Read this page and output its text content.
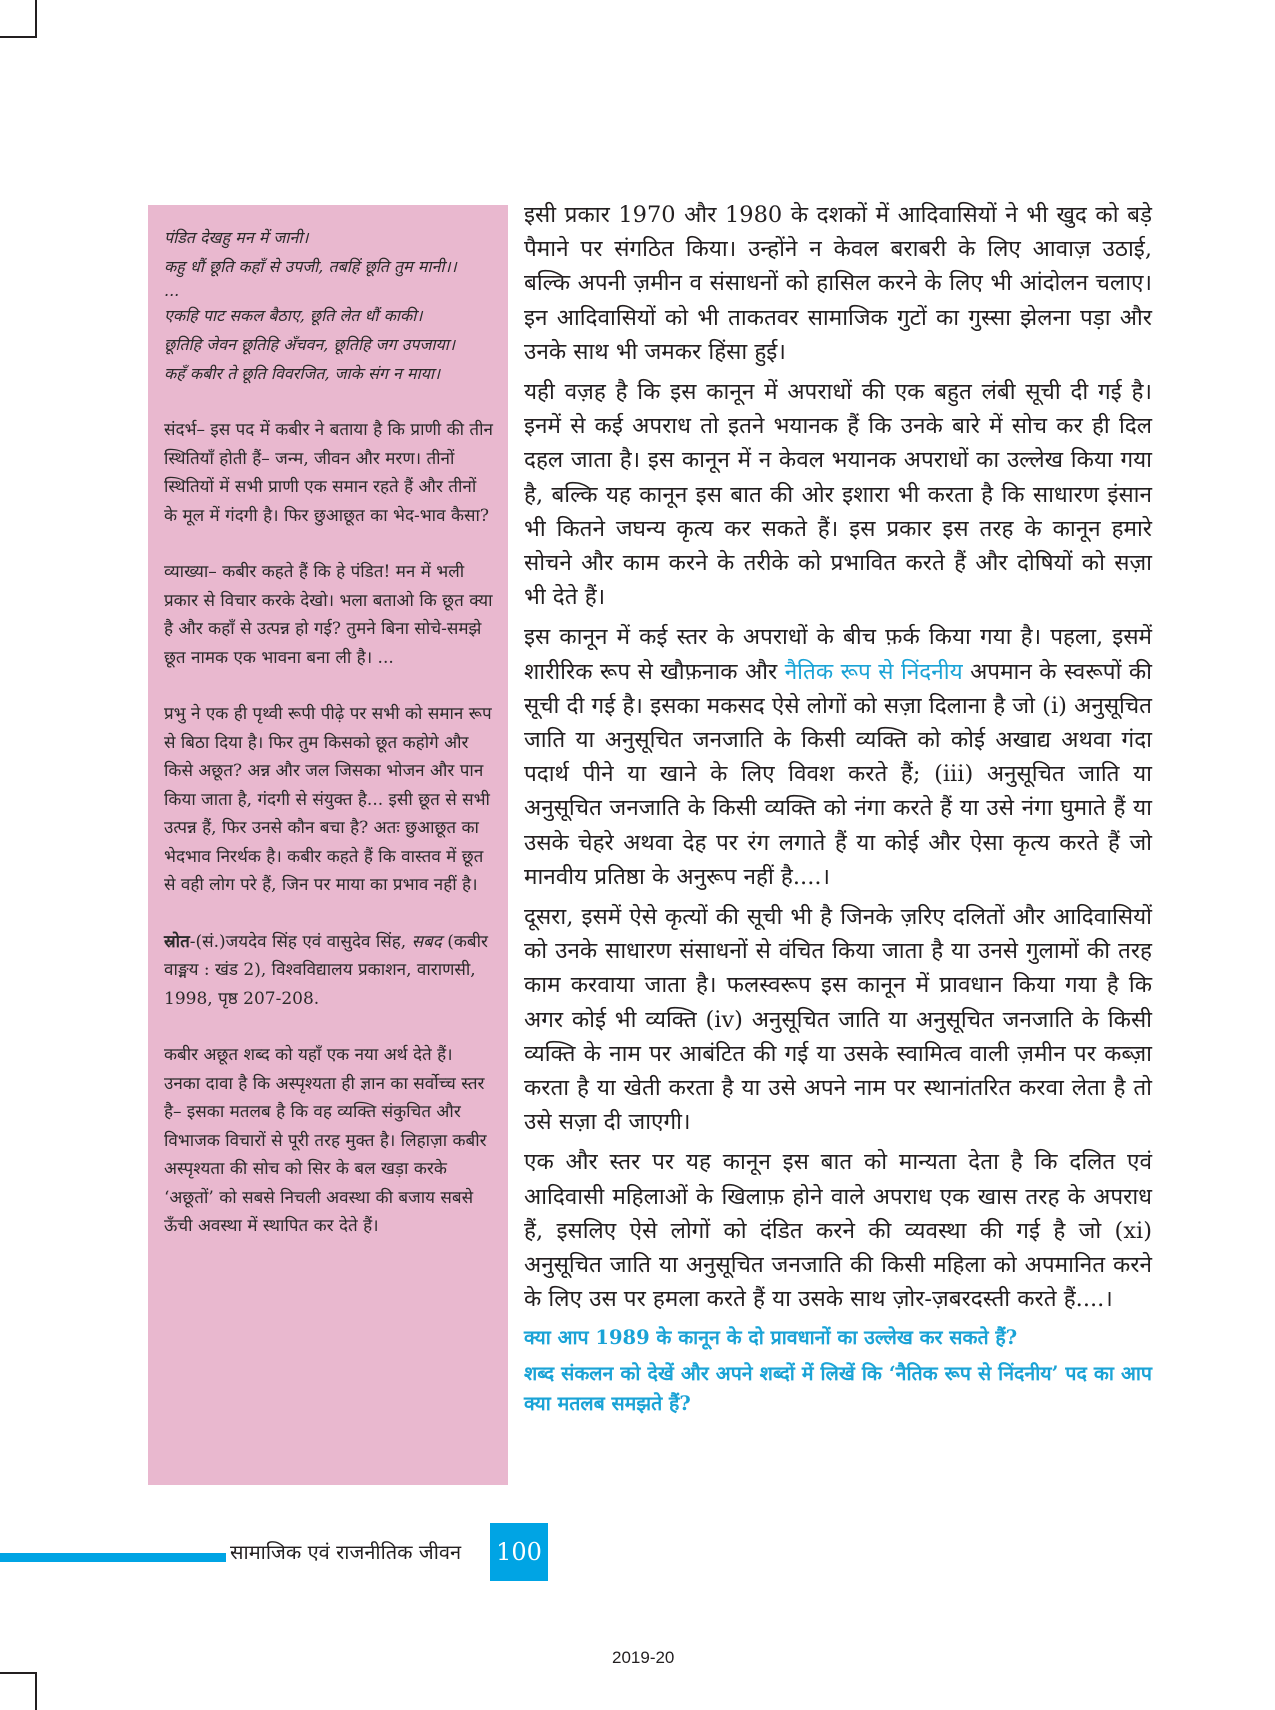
पंडित देखहु मन में जानी।

कहु धौं छूति कहाँ से उपजी, तबहिं छूति तुम मानी।।

...

एकहि पाट सकल बैठाए, छूति लेत धौं काकी।

छूतिहि जेवन छूतिहि अँचवन, छूतिहि जग उपजाया।

कहँ कबीर ते छूति विवरजित, जाके संग न माया।

संदर्भ– इस पद में कबीर ने बताया है कि प्राणी की तीन स्थितियाँ होती हैं– जन्म, जीवन और मरण। तीनों स्थितियों में सभी प्राणी एक समान रहते हैं और तीनों के मूल में गंदगी है। फिर छुआछूत का भेद-भाव कैसा?

व्याख्या– कबीर कहते हैं कि हे पंडित! मन में भली प्रकार से विचार करके देखो। भला बताओ कि छूत क्या है और कहाँ से उत्पन्न हो गई? तुमने बिना सोचे-समझे छूत नामक एक भावना बना ली है। ...

प्रभु ने एक ही पृथ्वी रूपी पीढ़े पर सभी को समान रूप से बिठा दिया है। फिर तुम किसको छूत कहोगे और किसे अछूत? अन्न और जल जिसका भोजन और पान किया जाता है, गंदगी से संयुक्त है... इसी छूत से सभी उत्पन्न हैं, फिर उनसे कौन बचा है? अतः छुआछूत का भेदभाव निरर्थक है। कबीर कहते हैं कि वास्तव में छूत से वही लोग परे हैं, जिन पर माया का प्रभाव नहीं है।

स्रोत-(सं.)जयदेव सिंह एवं वासुदेव सिंह, सबद (कबीर वाङ्मय : खंड 2), विश्वविद्यालय प्रकाशन, वाराणसी, 1998, पृष्ठ 207-208.

कबीर अछूत शब्द को यहाँ एक नया अर्थ देते हैं। उनका दावा है कि अस्पृश्यता ही ज्ञान का सर्वोच्च स्तर है– इसका मतलब है कि वह व्यक्ति संकुचित और विभाजक विचारों से पूरी तरह मुक्त है। लिहाज़ा कबीर अस्पृश्यता की सोच को सिर के बल खड़ा करके ‘अछूतों’ को सबसे निचली अवस्था की बजाय सबसे ऊँची अवस्था में स्थापित कर देते हैं।

इसी प्रकार 1970 और 1980 के दशकों में आदिवासियों ने भी खुद को बड़े पैमाने पर संगठित किया। उन्होंने न केवल बराबरी के लिए आवाज़ उठाई, बल्कि अपनी ज़मीन व संसाधनों को हासिल करने के लिए भी आंदोलन चलाए। इन आदिवासियों को भी ताकतवर सामाजिक गुटों का गुस्सा झेलना पड़ा और उनके साथ भी जमकर हिंसा हुई।

यही वज़ह है कि इस कानून में अपराधों की एक बहुत लंबी सूची दी गई है। इनमें से कई अपराध तो इतने भयानक हैं कि उनके बारे में सोच कर ही दिल दहल जाता है। इस कानून में न केवल भयानक अपराधों का उल्लेख किया गया है, बल्कि यह कानून इस बात की ओर इशारा भी करता है कि साधारण इंसान भी कितने जघन्य कृत्य कर सकते हैं। इस प्रकार इस तरह के कानून हमारे सोचने और काम करने के तरीके को प्रभावित करते हैं और दोषियों को सज़ा भी देते हैं।

इस कानून में कई स्तर के अपराधों के बीच फ़र्क किया गया है। पहला, इसमें शारीरिक रूप से खौफ़नाक और नैतिक रूप से निंदनीय अपमान के स्वरूपों की सूची दी गई है। इसका मकसद ऐसे लोगों को सज़ा दिलाना है जो (i) अनुसूचित जाति या अनुसूचित जनजाति के किसी व्यक्ति को कोई अखाद्य अथवा गंदा पदार्थ पीने या खाने के लिए विवश करते हैं; (iii) अनुसूचित जाति या अनुसूचित जनजाति के किसी व्यक्ति को नंगा करते हैं या उसे नंगा घुमाते हैं या उसके चेहरे अथवा देह पर रंग लगाते हैं या कोई और ऐसा कृत्य करते हैं जो मानवीय प्रतिष्ठा के अनुरूप नहीं है....।

दूसरा, इसमें ऐसे कृत्यों की सूची भी है जिनके ज़रिए दलितों और आदिवासियों को उनके साधारण संसाधनों से वंचित किया जाता है या उनसे गुलामों की तरह काम करवाया जाता है। फलस्वरूप इस कानून में प्रावधान किया गया है कि अगर कोई भी व्यक्ति (iv) अनुसूचित जाति या अनुसूचित जनजाति के किसी व्यक्ति के नाम पर आबंटित की गई या उसके स्वामित्व वाली ज़मीन पर कब्ज़ा करता है या खेती करता है या उसे अपने नाम पर स्थानांतरित करवा लेता है तो उसे सज़ा दी जाएगी।

एक और स्तर पर यह कानून इस बात को मान्यता देता है कि दलित एवं आदिवासी महिलाओं के खिलाफ़ होने वाले अपराध एक खास तरह के अपराध हैं, इसलिए ऐसे लोगों को दंडित करने की व्यवस्था की गई है जो (xi) अनुसूचित जाति या अनुसूचित जनजाति की किसी महिला को अपमानित करने के लिए उस पर हमला करते हैं या उसके साथ ज़ोर-ज़बरदस्ती करते हैं....।

क्या आप 1989 के कानून के दो प्रावधानों का उल्लेख कर सकते हैं?

शब्द संकलन को देखें और अपने शब्दों में लिखें कि ‘नैतिक रूप से निंदनीय’ पद का आप क्या मतलब समझते हैं?

सामाजिक एवं राजनीतिक जीवन 100
2019-20
